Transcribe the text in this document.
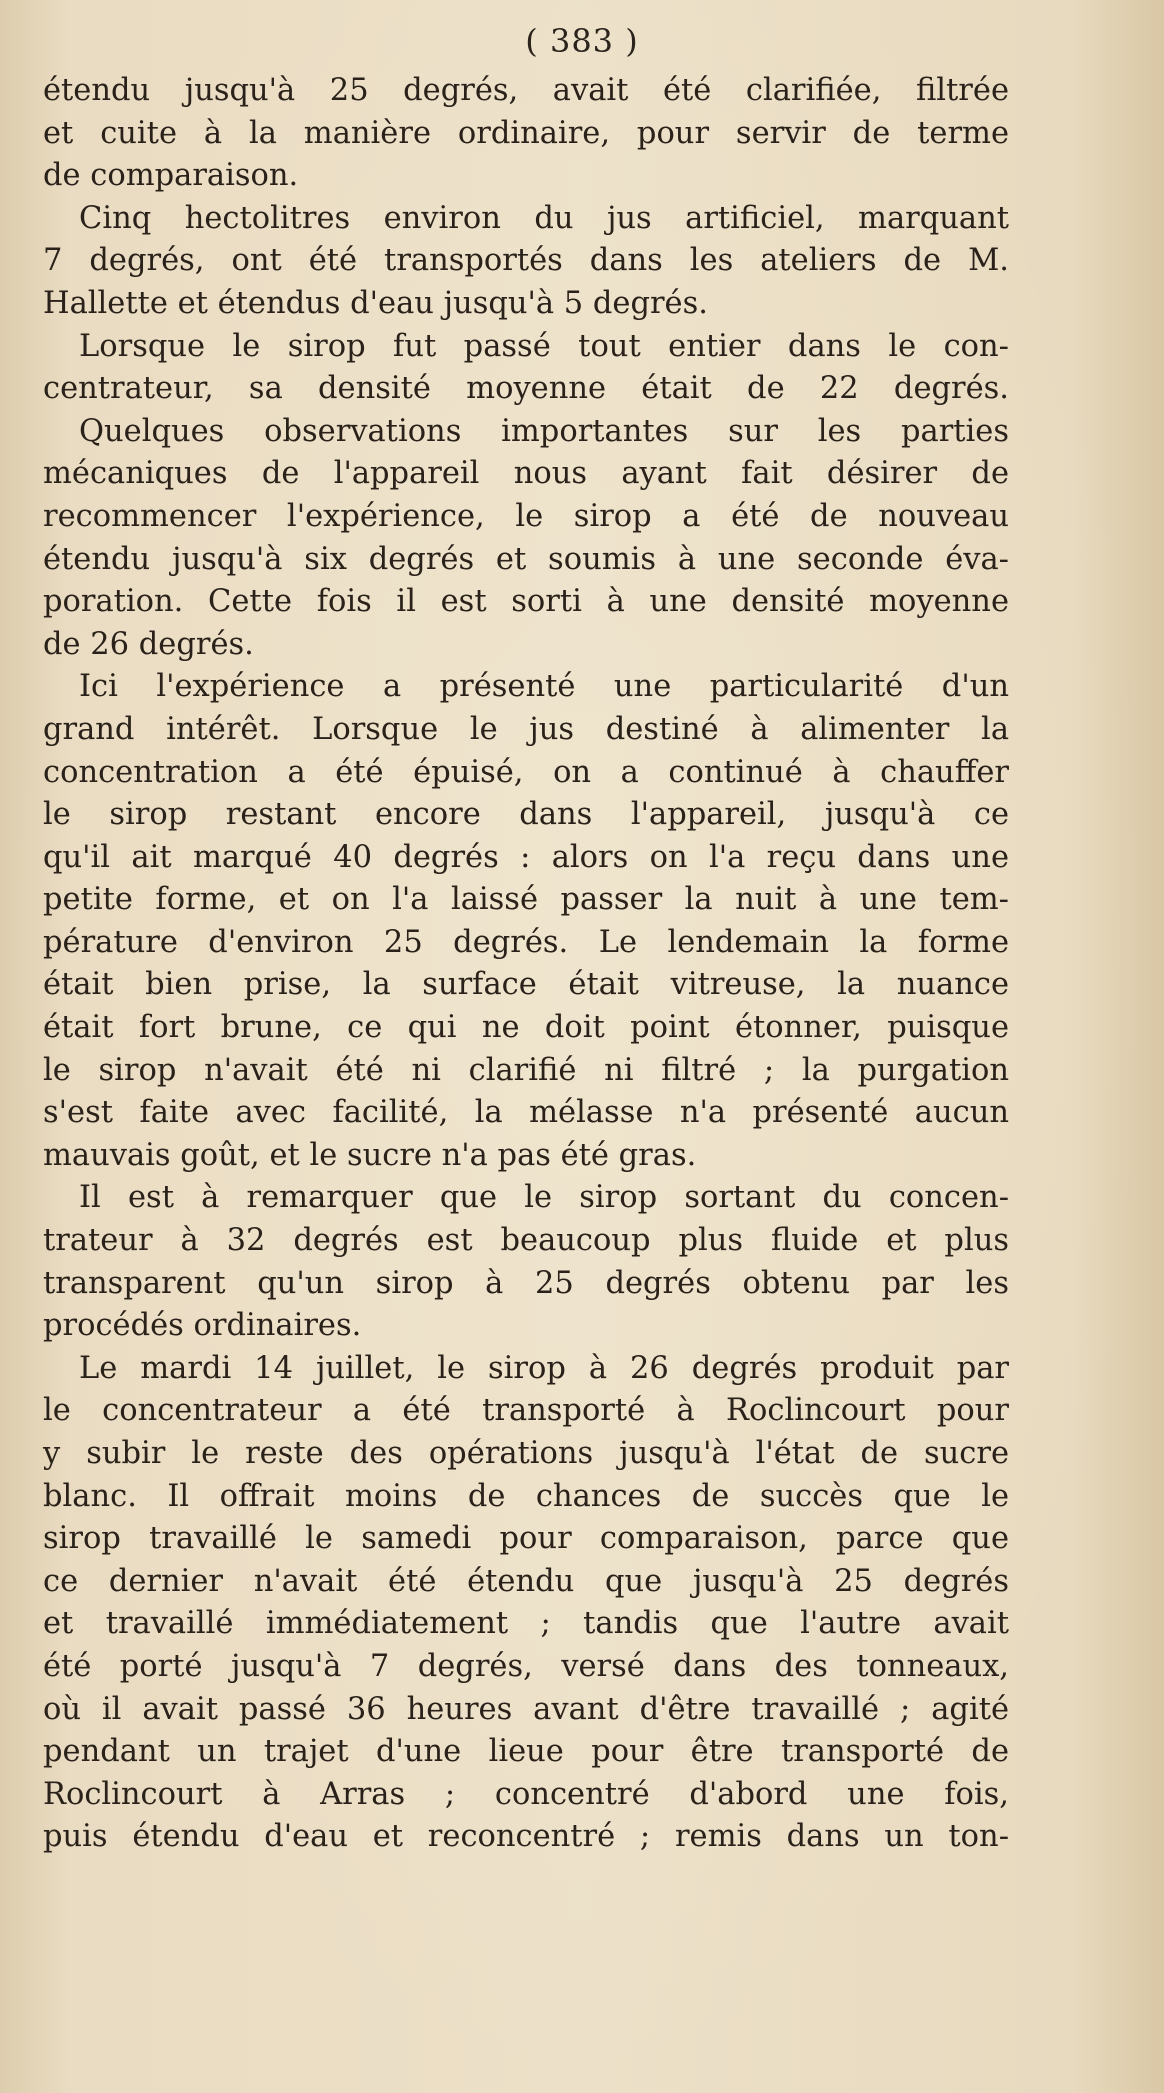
( 383 )
étendu jusqu'à 25 degrés, avait été clarifiée, filtrée
et cuite à la manière ordinaire, pour servir de terme
de comparaison.
Cinq hectolitres environ du jus artificiel, marquant
7 degrés, ont été transportés dans les ateliers de M.
Hallette et étendus d'eau jusqu'à 5 degrés.
Lorsque le sirop fut passé tout entier dans le con-
centrateur, sa densité moyenne était de 22 degrés.
Quelques observations importantes sur les parties
mécaniques de l'appareil nous ayant fait désirer de
recommencer l'expérience, le sirop a été de nouveau
étendu jusqu'à six degrés et soumis à une seconde éva-
poration. Cette fois il est sorti à une densité moyenne
de 26 degrés.
Ici l'expérience a présenté une particularité d'un
grand intérêt. Lorsque le jus destiné à alimenter la
concentration a été épuisé, on a continué à chauffer
le sirop restant encore dans l'appareil, jusqu'à ce
qu'il ait marqué 40 degrés : alors on l'a reçu dans une
petite forme, et on l'a laissé passer la nuit à une tem-
pérature d'environ 25 degrés. Le lendemain la forme
était bien prise, la surface était vitreuse, la nuance
était fort brune, ce qui ne doit point étonner, puisque
le sirop n'avait été ni clarifié ni filtré ; la purgation
s'est faite avec facilité, la mélasse n'a présenté aucun
mauvais goût, et le sucre n'a pas été gras.
Il est à remarquer que le sirop sortant du concen-
trateur à 32 degrés est beaucoup plus fluide et plus
transparent qu'un sirop à 25 degrés obtenu par les
procédés ordinaires.
Le mardi 14 juillet, le sirop à 26 degrés produit par
le concentrateur a été transporté à Roclincourt pour
y subir le reste des opérations jusqu'à l'état de sucre
blanc. Il offrait moins de chances de succès que le
sirop travaillé le samedi pour comparaison, parce que
ce dernier n'avait été étendu que jusqu'à 25 degrés
et travaillé immédiatement ; tandis que l'autre avait
été porté jusqu'à 7 degrés, versé dans des tonneaux,
où il avait passé 36 heures avant d'être travaillé ; agité
pendant un trajet d'une lieue pour être transporté de
Roclincourt à Arras ; concentré d'abord une fois,
puis étendu d'eau et reconcentré ; remis dans un ton-
